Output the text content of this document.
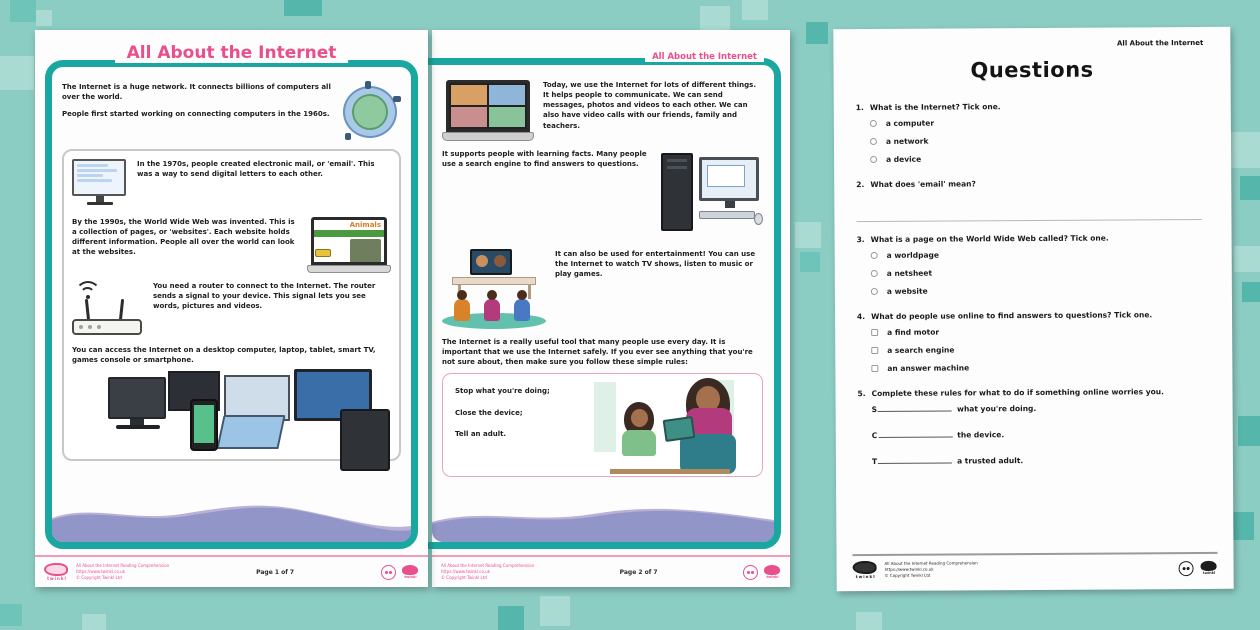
All About the Internet

The Internet is a huge network. It connects billions of computers all over the world.

People first started working on connecting computers in the 1960s.

In the 1970s, people created electronic mail, or 'email'. This was a way to send digital letters to each other.
By the 1990s, the World Wide Web was invented. This is a collection of pages, or 'websites'. Each website holds different information. People all over the world can look at the websites.
Animals
You need a router to connect to the Internet. The router sends a signal to your device. This signal lets you see words, pictures and videos.

You can access the Internet on a desktop computer, laptop, tablet, smart TV, games console or smartphone.

twinkl
All About the Internet Reading Comprehension
https://www.twinkl.co.uk
© Copyright Twinkl Ltd
Page 1 of 7
twinkl
All About the Internet
Today, we use the Internet for lots of different things. It helps people to communicate. We can send messages, photos and videos to each other. We can also have video calls with our friends, family and teachers.
It supports people with learning facts. Many people use a search engine to find answers to questions.
It can also be used for entertainment! You can use the Internet to watch TV shows, listen to music or play games.

The Internet is a really useful tool that many people use every day. It is important that we use the Internet safely. If you ever see anything that you're not sure about, then make sure you follow these simple rules:

Stop what you're doing;
Close the device;
Tell an adult.
All About the Internet Reading Comprehension
https://www.twinkl.co.uk
© Copyright Twinkl Ltd
Page 2 of 7
twinkl
All About the Internet
Questions
1. What is the Internet? Tick one.
a computer
a network
a device
2. What does 'email' mean?
3. What is a page on the World Wide Web called? Tick one.
a worldpage
a netsheet
a website
4. What do people use online to find answers to questions? Tick one.
a find motor
a search engine
an answer machine
5. Complete these rules for what to do if something online worries you.
S	what you're doing.
C	the device.
T	a trusted adult.
twinkl
All About the Internet Reading Comprehension
https://www.twinkl.co.uk
© Copyright Twinkl Ltd	twinkl
